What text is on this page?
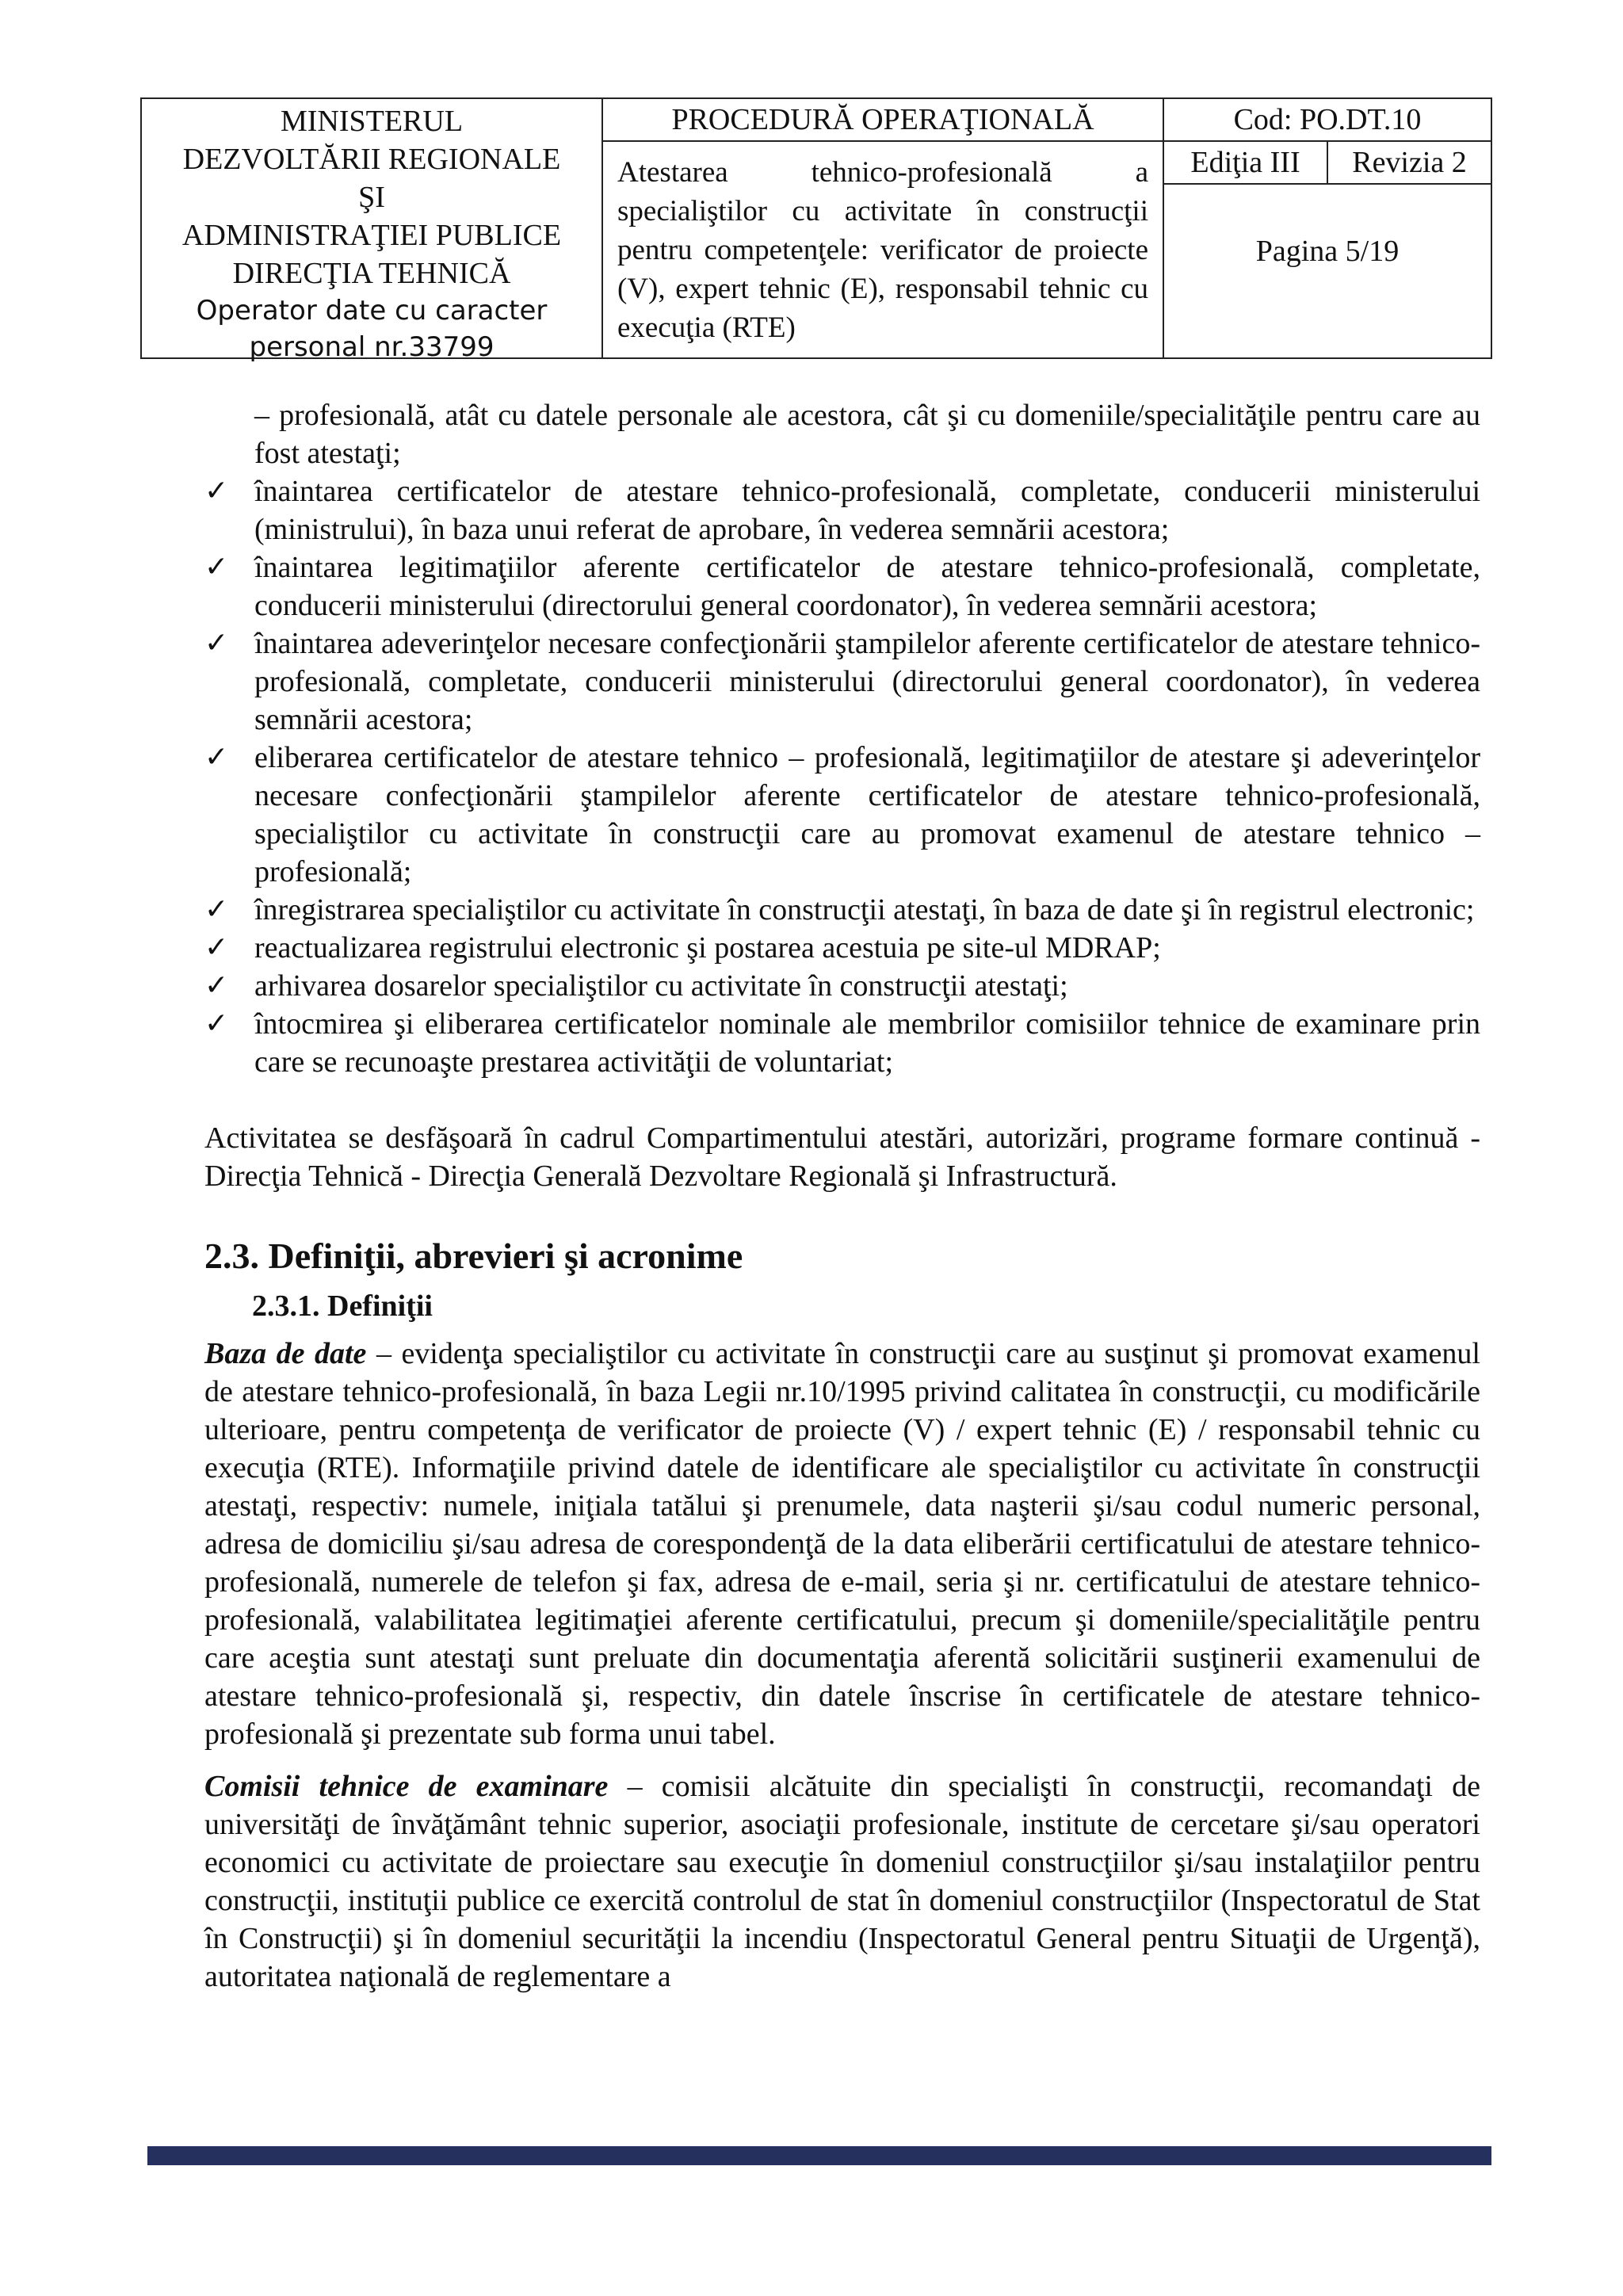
MINISTERUL
DEZVOLTĂRII REGIONALE
ŞI
ADMINISTRAŢIEI PUBLICE
DIRECŢIA TEHNICĂ
Operator date cu caracter
personal nr.33799
PROCEDURĂ OPERAŢIONALĂ
Atestarea tehnico-profesională a specialiştilor cu activitate în construcţii pentru competenţele: verificator de proiecte (V), expert tehnic (E), responsabil tehnic cu execuţia (RTE)
Cod: PO.DT.10
Ediţia III	Revizia 2
Pagina 5/19
– profesională, atât cu datele personale ale acestora, cât şi cu domeniile/specialităţile pentru care au fost atestaţi;
✓ înaintarea certificatelor de atestare tehnico-profesională, completate, conducerii ministerului (ministrului), în baza unui referat de aprobare, în vederea semnării acestora;
✓ înaintarea legitimaţiilor aferente certificatelor de atestare tehnico-profesională, completate, conducerii ministerului (directorului general coordonator), în vederea semnării acestora;
✓ înaintarea adeverinţelor necesare confecţionării ştampilelor aferente certificatelor de atestare tehnico-profesională, completate, conducerii ministerului (directorului general coordonator), în vederea semnării acestora;
✓ eliberarea certificatelor de atestare tehnico – profesională, legitimaţiilor de atestare şi adeverinţelor necesare confecţionării ştampilelor aferente certificatelor de atestare tehnico-profesională, specialiştilor cu activitate în construcţii care au promovat examenul de atestare tehnico – profesională;
✓ înregistrarea specialiştilor cu activitate în construcţii atestaţi, în baza de date şi în registrul electronic;
✓ reactualizarea registrului electronic şi postarea acestuia pe site-ul MDRAP;
✓ arhivarea dosarelor specialiştilor cu activitate în construcţii atestaţi;
✓ întocmirea şi eliberarea certificatelor nominale ale membrilor comisiilor tehnice de examinare prin care se recunoaşte prestarea activităţii de voluntariat;
Activitatea se desfăşoară în cadrul Compartimentului atestări, autorizări, programe formare continuă - Direcţia Tehnică - Direcţia Generală Dezvoltare Regională şi Infrastructură.
2.3. Definiţii, abrevieri şi acronime
2.3.1. Definiţii
Baza de date – evidenţa specialiştilor cu activitate în construcţii care au susţinut şi promovat examenul de atestare tehnico-profesională, în baza Legii nr.10/1995 privind calitatea în construcţii, cu modificările ulterioare, pentru competenţa de verificator de proiecte (V) / expert tehnic (E) / responsabil tehnic cu execuţia (RTE). Informaţiile privind datele de identificare ale specialiştilor cu activitate în construcţii atestaţi, respectiv: numele, iniţiala tatălui şi prenumele, data naşterii şi/sau codul numeric personal, adresa de domiciliu şi/sau adresa de corespondenţă de la data eliberării certificatului de atestare tehnico-profesională, numerele de telefon şi fax, adresa de e-mail, seria şi nr. certificatului de atestare tehnico-profesională, valabilitatea legitimaţiei aferente certificatului, precum şi domeniile/specialităţile pentru care aceştia sunt atestaţi sunt preluate din documentaţia aferentă solicitării susţinerii examenului de atestare tehnico-profesională şi, respectiv, din datele înscrise în certificatele de atestare tehnico-profesională şi prezentate sub forma unui tabel.
Comisii tehnice de examinare – comisii alcătuite din specialişti în construcţii, recomandaţi de universităţi de învăţământ tehnic superior, asociaţii profesionale, institute de cercetare şi/sau operatori economici cu activitate de proiectare sau execuţie în domeniul construcţiilor şi/sau instalaţiilor pentru construcţii, instituţii publice ce exercită controlul de stat în domeniul construcţiilor (Inspectoratul de Stat în Construcţii) şi în domeniul securităţii la incendiu (Inspectoratul General pentru Situaţii de Urgenţă), autoritatea naţională de reglementare a
